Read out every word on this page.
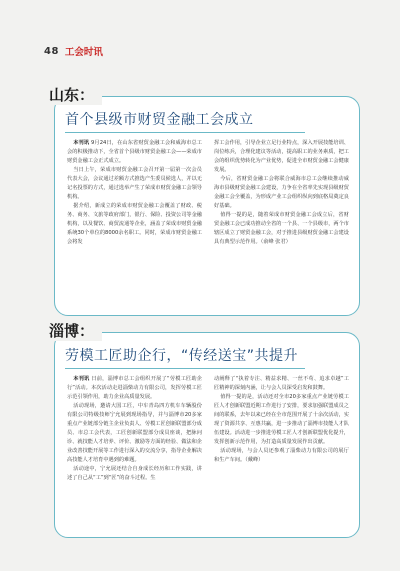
48 工会时讯
山东：
首个县级市财贸金融工会成立

本刊讯 9月24日，在山东省财贸金融工会和威海市总工会的积极推动下，全省首个县级市财贸金融工会——荣成市财贸金融工会正式成立。

当日上午，荣成市财贸金融工会召开第一届第一次会员代表大会，会议通过差额方式推选产生委员候选人，并以无记名投票的方式，通过选举产生了荣成市财贸金融工会领导机构。

据介绍，新成立的荣成市财贸金融工会覆盖了财政、税务、商务、文旅等政府部门，银行、保险、投资公司等金融机构，以及餐饮、商贸流通等企业，涵盖了荣成市财贸金融系统30个单位的8000余名职工。同时，荣成市财贸金融工会将发

挥工会作用，引导企业立足行业特点，深入开展技能培训、岗位练兵，合理化建议等活动，提高职工的业务素质，把工会的组织优势转化为产业优势，促进全市财贸金融工会健康发展。

今后，省财贸金融工会将联合威海市总工会继续推动威海市县级财贸金融工会建设，力争在全省率先实现县级财贸金融工会全覆盖，为形成产业工会组织纵向到底格局奠定良好基础。

值得一提的是，随着荣成市财贸金融工会成立后，省财贸金融工会已成功推动全省的一个县、一个县级市，两个市辖区成立了财贸金融工会，对于推进县级财贸金融工会建设具有典型示范作用。（俞峰 张君）

淄博：
劳模工匠助企行，“传经送宝”共提升

本刊讯 日前，淄博市总工会组织开展了“劳模工匠助企行”活动。本次活动走进淄柴动力有限公司，发挥劳模工匠示范引领作用，助力企业高质量发展。

活动现场，邀请大国工匠，中车青岛四方机车车辆股份有限公司特级技师宁允展到现场指导，并与淄博市20多家重点产业链部分链主企业负责人、劳模工匠创新联盟部分成员、市总工会代表，工匠创新联盟部分成员座谈，把脉问诊、就技能人才培养、评价、激励等方面的经验、做法和企业改善技能开展等工作进行深入的交流分享，指导企业解决高技能人才培育中遇到的难题。

活动途中，宁允展还结合自身成长经历和工作实践，讲述了自己从“工”到“匠”的奋斗过程。生

动阐释了“执着专注、精益求精、一丝不苟、追求卓越”工匠精神的深刻内涵，让与会人员深受启发和鼓舞。

值得一提的是，活动还对全市20多家重点产业链劳模工匠人才创新联盟近期工作进行了安排，要求加强联盟成员之间的联系，去年以来已经在全市范围开展了十余次活动，实现了资源共享、互惠共赢，进一步推动了淄博市技能人才队伍建设。活动进一步推进劳模工匠人才创新联盟优化提升，发挥创新示范作用，为打造高质量发展作出贡献。

活动现场，与会人员还参观了淄柴动力有限公司的展厅和生产车间。（戴峰）
